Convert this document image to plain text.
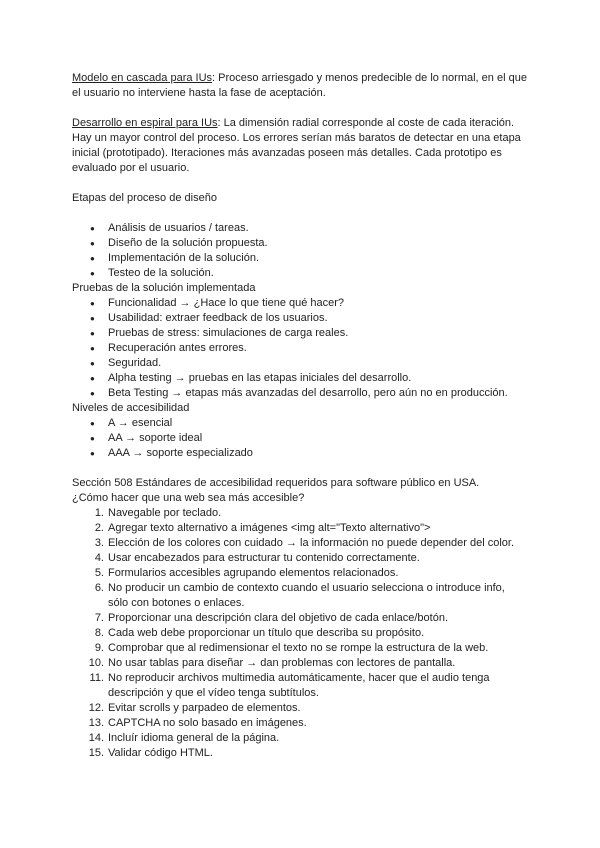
Modelo en cascada para IUs: Proceso arriesgado y menos predecible de lo normal, en el que el usuario no interviene hasta la fase de aceptación.

Desarrollo en espiral para IUs: La dimensión radial corresponde al coste de cada iteración. Hay un mayor control del proceso. Los errores serían más baratos de detectar en una etapa inicial (prototipado). Iteraciones más avanzadas poseen más detalles. Cada prototipo es evaluado por el usuario.

Etapas del proceso de diseño

● Análisis de usuarios / tareas.
● Diseño de la solución propuesta.
● Implementación de la solución.
● Testeo de la solución.

Pruebas de la solución implementada

● Funcionalidad → ¿Hace lo que tiene qué hacer?
● Usabilidad: extraer feedback de los usuarios.
● Pruebas de stress: simulaciones de carga reales.
● Recuperación antes errores.
● Seguridad.
● Alpha testing → pruebas en las etapas iniciales del desarrollo.
● Beta Testing → etapas más avanzadas del desarrollo, pero aún no en producción.

Niveles de accesibilidad

● A → esencial
● AA → soporte ideal
● AAA → soporte especializado

Sección 508 Estándares de accesibilidad requeridos para software público en USA.

¿Cómo hacer que una web sea más accesible?

1. Navegable por teclado.
2. Agregar texto alternativo a imágenes <img alt="Texto alternativo">
3. Elección de los colores con cuidado → la información no puede depender del color.
4. Usar encabezados para estructurar tu contenido correctamente.
5. Formularios accesibles agrupando elementos relacionados.
6. No producir un cambio de contexto cuando el usuario selecciona o introduce info, sólo con botones o enlaces.
7. Proporcionar una descripción clara del objetivo de cada enlace/botón.
8. Cada web debe proporcionar un título que describa su propósito.
9. Comprobar que al redimensionar el texto no se rompe la estructura de la web.
10. No usar tablas para diseñar → dan problemas con lectores de pantalla.
11. No reproducir archivos multimedia automáticamente, hacer que el audio tenga descripción y que el vídeo tenga subtítulos.
12. Evitar scrolls y parpadeo de elementos.
13. CAPTCHA no solo basado en imágenes.
14. Incluír idioma general de la página.
15. Validar código HTML.
